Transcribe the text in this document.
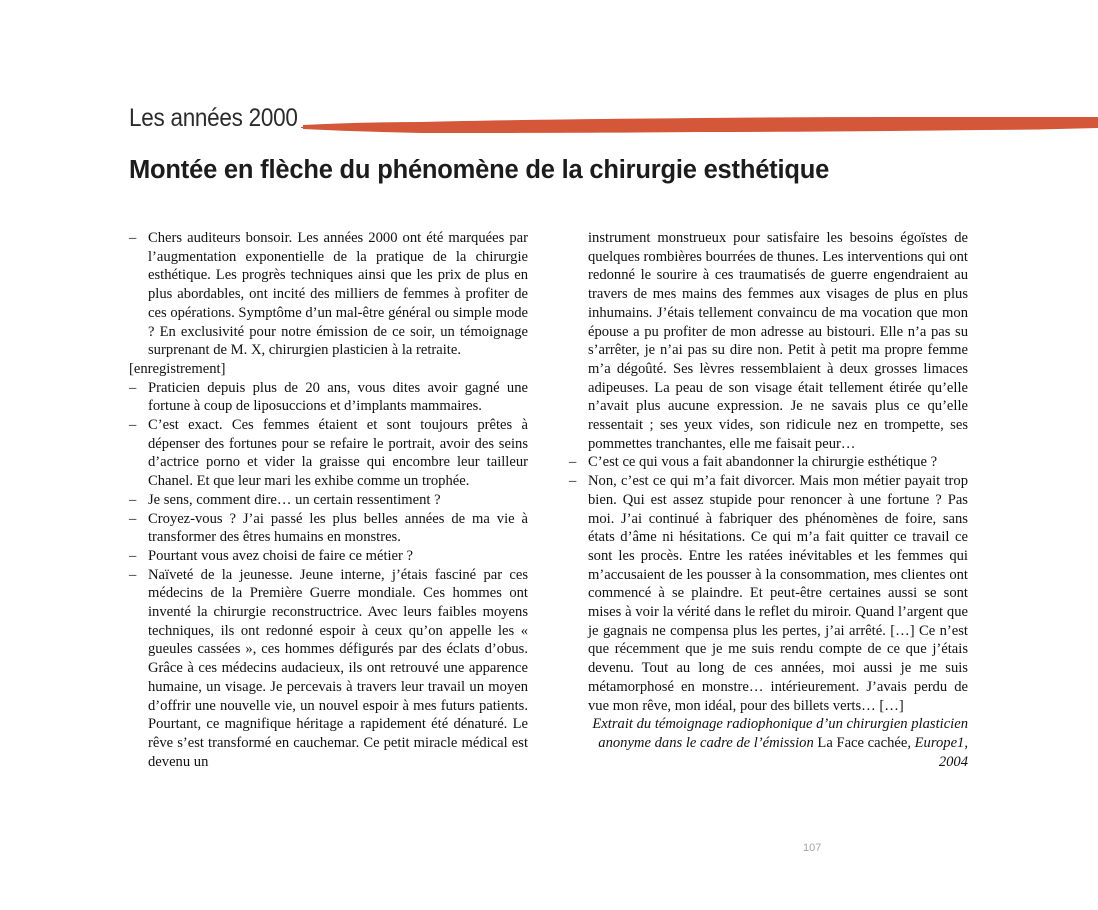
Les années 2000
Montée en flèche du phénomène de la chirurgie esthétique

– Chers auditeurs bonsoir. Les années 2000 ont été marquées par l’augmentation exponentielle de la pratique de la chirurgie esthétique. Les progrès techniques ainsi que les prix de plus en plus abordables, ont incité des milliers de femmes à profiter de ces opérations. Symptôme d’un mal-être général ou simple mode ? En exclusivité pour notre émission de ce soir, un témoignage surprenant de M. X, chirurgien plasticien à la retraite.

[enregistrement]

– Praticien depuis plus de 20 ans, vous dites avoir gagné une fortune à coup de liposuccions et d’implants mammaires.

– C’est exact. Ces femmes étaient et sont toujours prêtes à dépenser des fortunes pour se refaire le portrait, avoir des seins d’actrice porno et vider la graisse qui encombre leur tailleur Chanel. Et que leur mari les exhibe comme un trophée.

– Je sens, comment dire… un certain ressentiment ?

– Croyez-vous ? J’ai passé les plus belles années de ma vie à transformer des êtres humains en monstres.

– Pourtant vous avez choisi de faire ce métier ?

– Naïveté de la jeunesse. Jeune interne, j’étais fasciné par ces médecins de la Première Guerre mondiale. Ces hommes ont inventé la chirurgie reconstructrice. Avec leurs faibles moyens techniques, ils ont redonné espoir à ceux qu’on appelle les « gueules cassées », ces hommes défigurés par des éclats d’obus. Grâce à ces médecins audacieux, ils ont retrouvé une apparence humaine, un visage. Je percevais à travers leur travail un moyen d’offrir une nouvelle vie, un nouvel espoir à mes futurs patients. Pourtant, ce magnifique héritage a rapidement été dénaturé. Le rêve s’est transformé en cauchemar. Ce petit miracle médical est devenu un

instrument monstrueux pour satisfaire les besoins égoïstes de quelques rombières bourrées de thunes. Les interventions qui ont redonné le sourire à ces traumatisés de guerre engendraient au travers de mes mains des femmes aux visages de plus en plus inhumains. J’étais tellement convaincu de ma vocation que mon épouse a pu profiter de mon adresse au bistouri. Elle n’a pas su s’arrêter, je n’ai pas su dire non. Petit à petit ma propre femme m’a dégoûté. Ses lèvres ressemblaient à deux grosses limaces adipeuses. La peau de son visage était tellement étirée qu’elle n’avait plus aucune expression. Je ne savais plus ce qu’elle ressentait ; ses yeux vides, son ridicule nez en trompette, ses pommettes tranchantes, elle me faisait peur…

– C’est ce qui vous a fait abandonner la chirurgie esthétique ?

– Non, c’est ce qui m’a fait divorcer. Mais mon métier payait trop bien. Qui est assez stupide pour renoncer à une fortune ? Pas moi. J’ai continué à fabriquer des phénomènes de foire, sans états d’âme ni hésitations. Ce qui m’a fait quitter ce travail ce sont les procès. Entre les ratées inévitables et les femmes qui m’accusaient de les pousser à la consommation, mes clientes ont commencé à se plaindre. Et peut-être certaines aussi se sont mises à voir la vérité dans le reflet du miroir. Quand l’argent que je gagnais ne compensa plus les pertes, j’ai arrêté. […] Ce n’est que récemment que je me suis rendu compte de ce que j’étais devenu. Tout au long de ces années, moi aussi je me suis métamorphosé en monstre… intérieurement. J’avais perdu de vue mon rêve, mon idéal, pour des billets verts… […]

Extrait du témoignage radiophonique d’un chirurgien plasticien
anonyme dans le cadre de l’émission La Face cachée, Europe1, 2004

107
